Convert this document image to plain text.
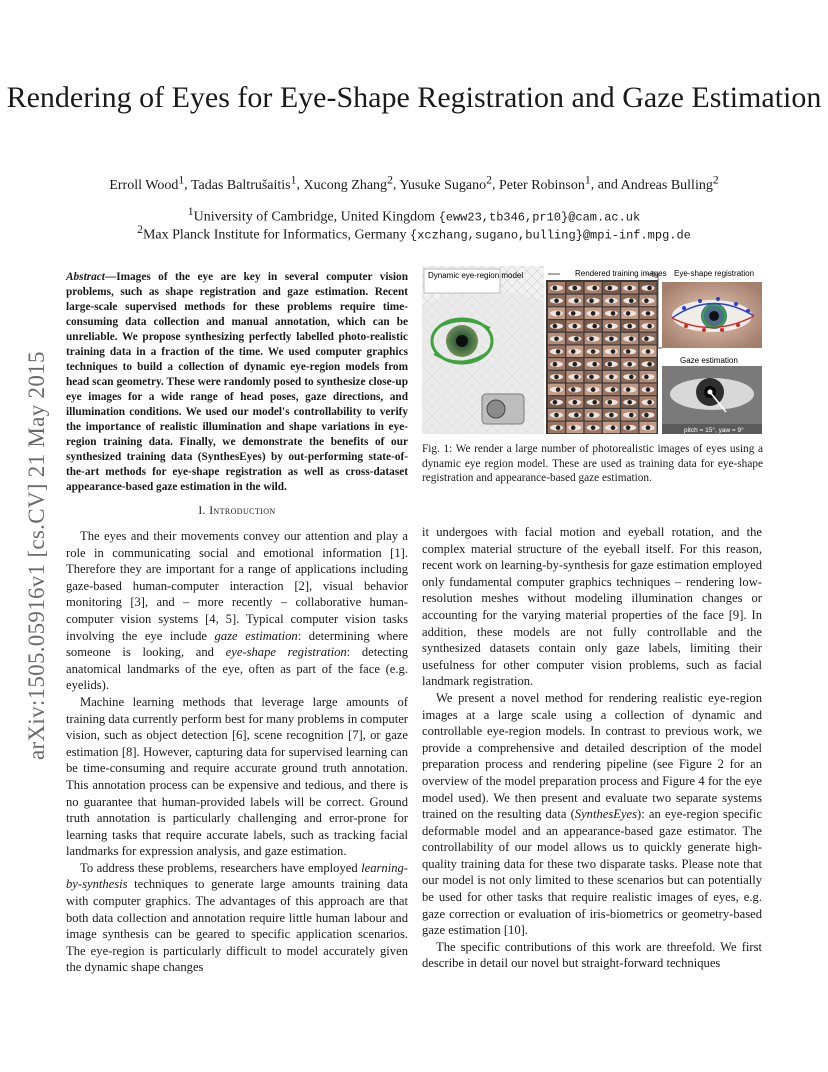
Rendering of Eyes for Eye-Shape Registration and Gaze Estimation
Erroll Wood$^1$, Tadas Baltrušaitis$^1$, Xucong Zhang$^2$, Yusuke Sugano$^2$, Peter Robinson$^1$, and Andreas Bulling$^2$
$^1$University of Cambridge, United Kingdom {eww23,tb346,pr10}@cam.ac.uk
$^2$Max Planck Institute for Informatics, Germany {xczhang,sugano,bulling}@mpi-inf.mpg.de
arXiv:1505.05916v1 [cs.CV] 21 May 2015
Abstract—Images of the eye are key in several computer vision problems, such as shape registration and gaze estimation. Recent large-scale supervised methods for these problems require time-consuming data collection and manual annotation, which can be unreliable. We propose synthesizing perfectly labelled photo-realistic training data in a fraction of the time. We used computer graphics techniques to build a collection of dynamic eye-region models from head scan geometry. These were randomly posed to synthesize close-up eye images for a wide range of head poses, gaze directions, and illumination conditions. We used our model's controllability to verify the importance of realistic illumination and shape variations in eye-region training data. Finally, we demonstrate the benefits of our synthesized training data (SynthesEyes) by out-performing state-of-the-art methods for eye-shape registration as well as cross-dataset appearance-based gaze estimation in the wild.
Dynamic eye-region model	Rendered training images Eye-shape registration
Gaze estimation
pitch = 15°, yaw = 9°
Fig. 1: We render a large number of photorealistic images of eyes using a dynamic eye region model. These are used as training data for eye-shape registration and appearance-based gaze estimation.
I. Introduction

The eyes and their movements convey our attention and play a role in communicating social and emotional information [1]. Therefore they are important for a range of applications including gaze-based human-computer interaction [2], visual behavior monitoring [3], and – more recently – collaborative human-computer vision systems [4, 5]. Typical computer vision tasks involving the eye include gaze estimation: determining where someone is looking, and eye-shape registration: detecting anatomical landmarks of the eye, often as part of the face (e.g. eyelids).

Machine learning methods that leverage large amounts of training data currently perform best for many problems in computer vision, such as object detection [6], scene recognition [7], or gaze estimation [8]. However, capturing data for supervised learning can be time-consuming and require accurate ground truth annotation. This annotation process can be expensive and tedious, and there is no guarantee that human-provided labels will be correct. Ground truth annotation is particularly challenging and error-prone for learning tasks that require accurate labels, such as tracking facial landmarks for expression analysis, and gaze estimation.

To address these problems, researchers have employed learning-by-synthesis techniques to generate large amounts training data with computer graphics. The advantages of this approach are that both data collection and annotation require little human labour and image synthesis can be geared to specific application scenarios. The eye-region is particularly difficult to model accurately given the dynamic shape changes

it undergoes with facial motion and eyeball rotation, and the complex material structure of the eyeball itself. For this reason, recent work on learning-by-synthesis for gaze estimation employed only fundamental computer graphics techniques – rendering low-resolution meshes without modeling illumination changes or accounting for the varying material properties of the face [9]. In addition, these models are not fully controllable and the synthesized datasets contain only gaze labels, limiting their usefulness for other computer vision problems, such as facial landmark registration.

We present a novel method for rendering realistic eye-region images at a large scale using a collection of dynamic and controllable eye-region models. In contrast to previous work, we provide a comprehensive and detailed description of the model preparation process and rendering pipeline (see Figure 2 for an overview of the model preparation process and Figure 4 for the eye model used). We then present and evaluate two separate systems trained on the resulting data (SynthesEyes): an eye-region specific deformable model and an appearance-based gaze estimator. The controllability of our model allows us to quickly generate high-quality training data for these two disparate tasks. Please note that our model is not only limited to these scenarios but can potentially be used for other tasks that require realistic images of eyes, e.g. gaze correction or evaluation of iris-biometrics or geometry-based gaze estimation [10].

The specific contributions of this work are threefold. We first describe in detail our novel but straight-forward techniques
